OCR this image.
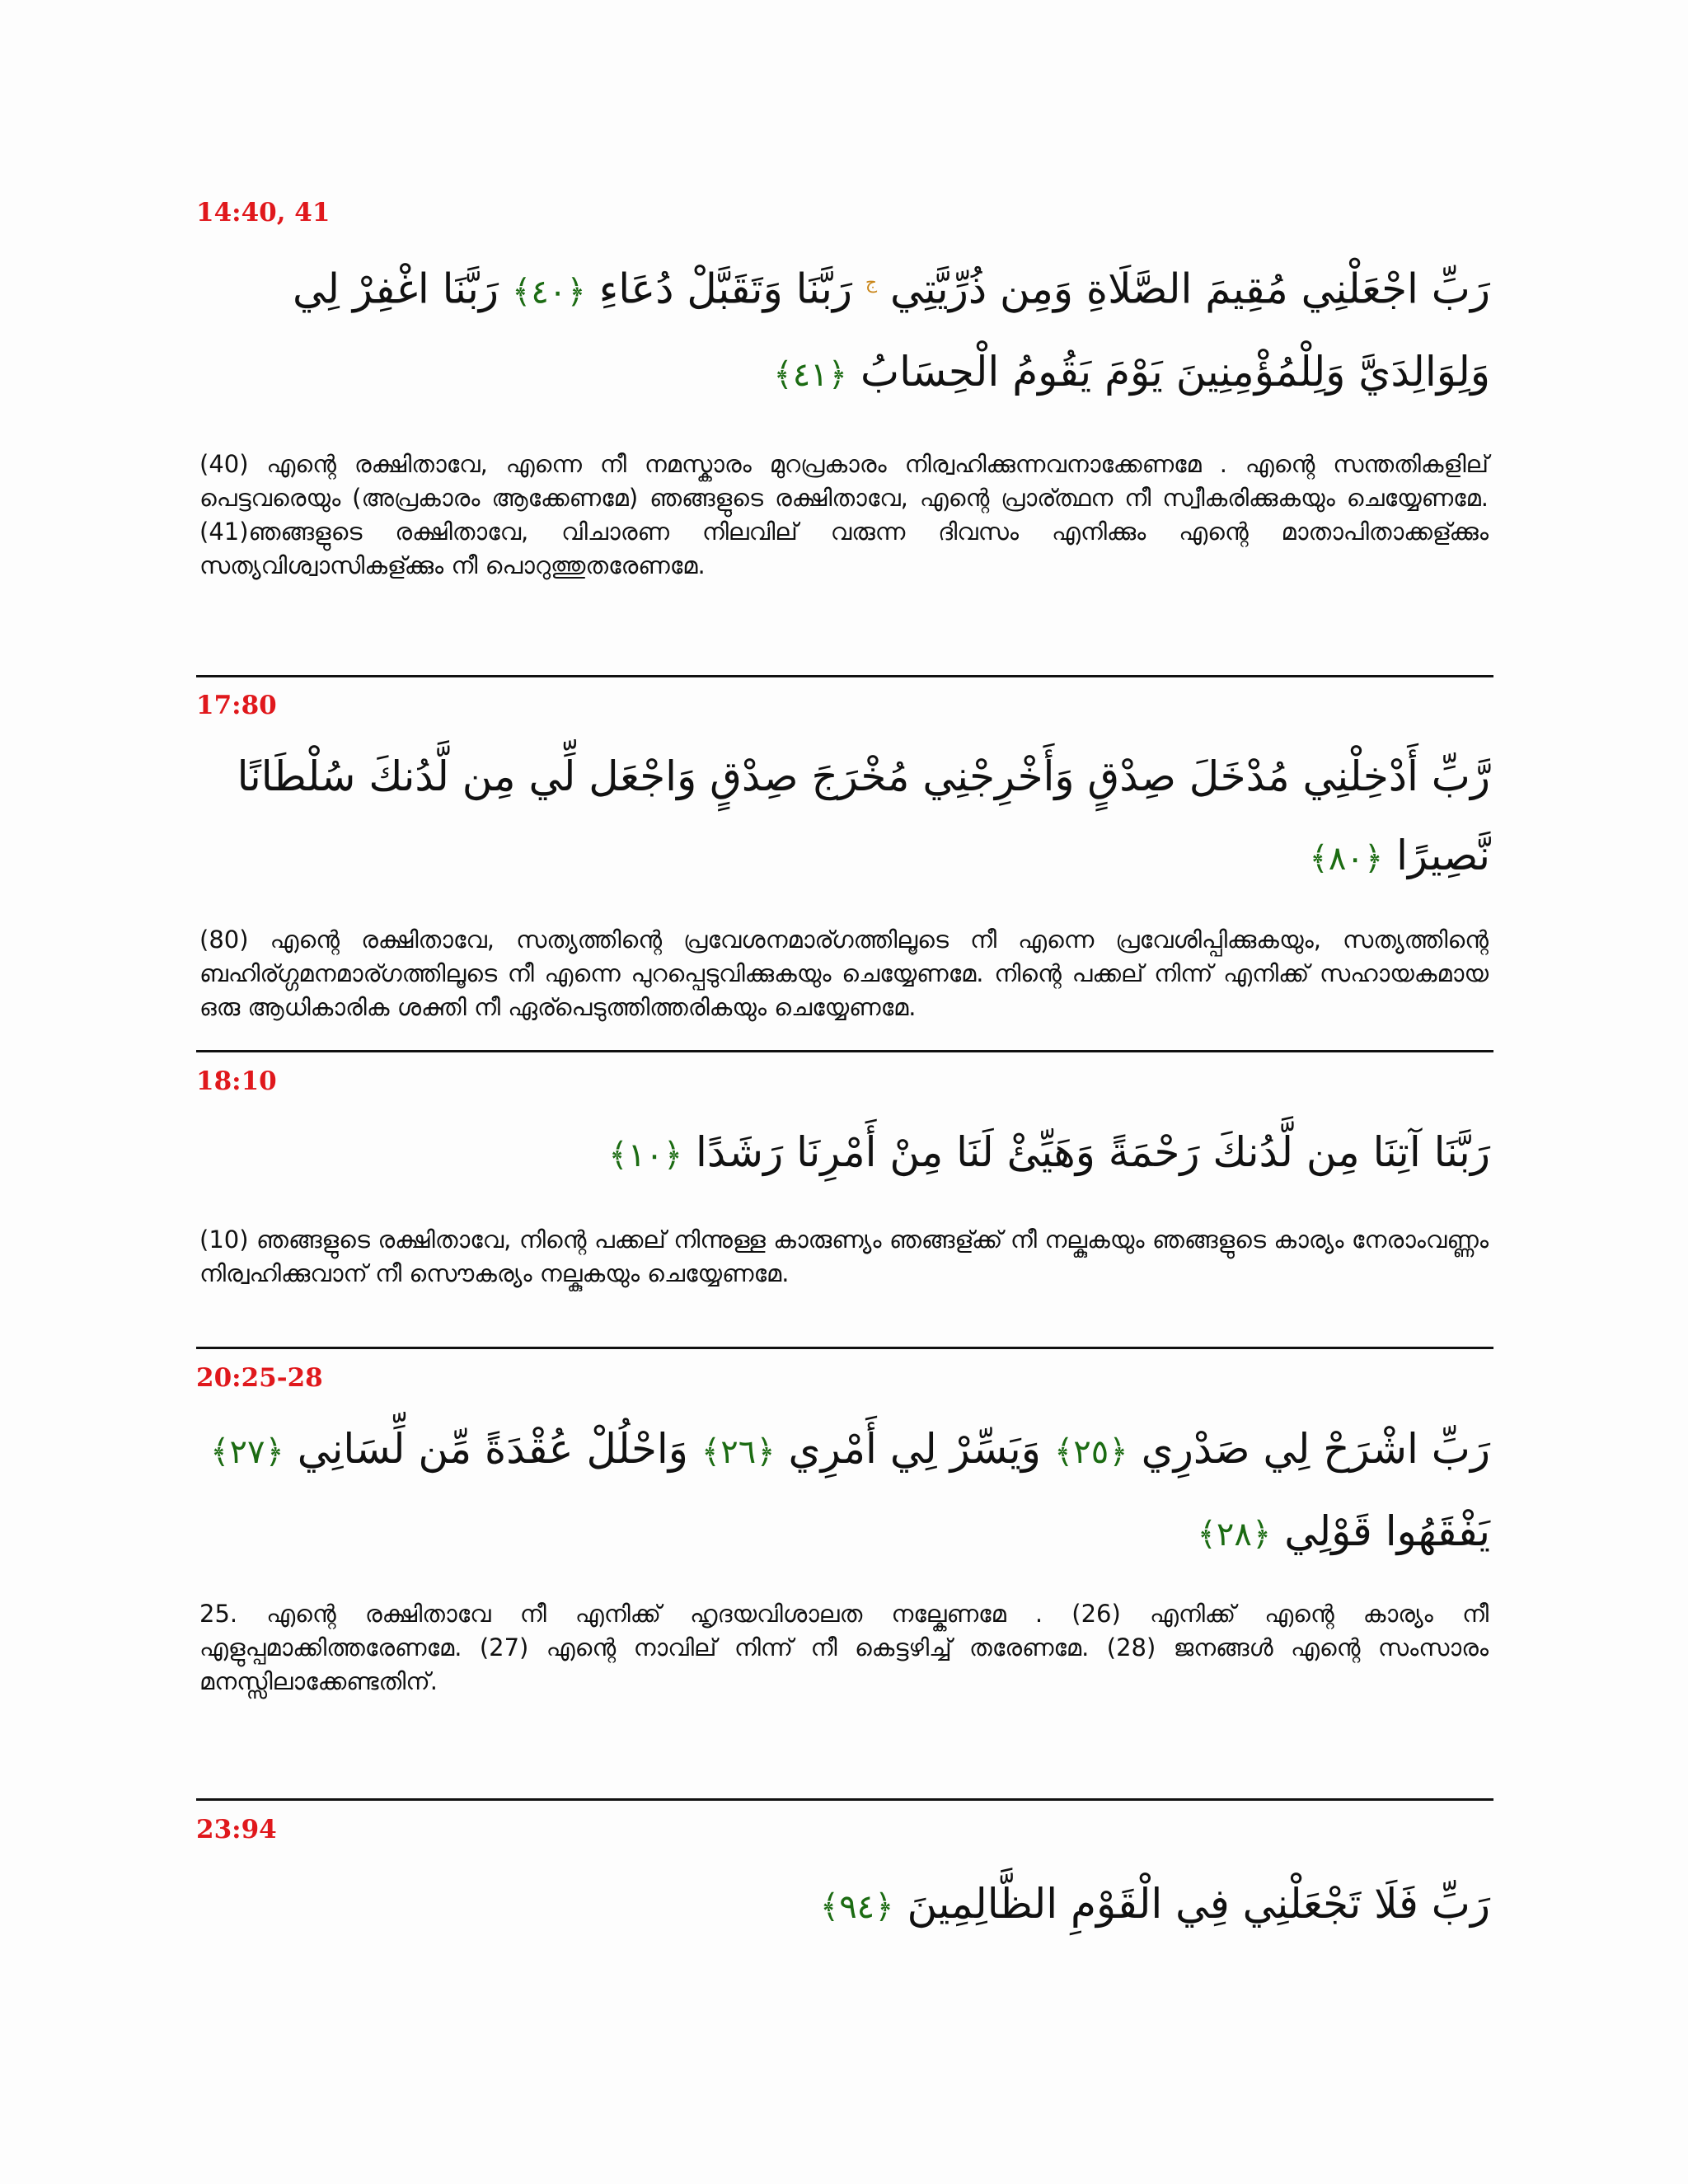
14:40, 41

رَبِّ اجْعَلْنِي مُقِيمَ الصَّلَاةِ وَمِن ذُرِّيَّتِي $^ج$ رَبَّنَا وَتَقَبَّلْ دُعَاءِ ﴿٤٠﴾ رَبَّنَا اغْفِرْ لِي وَلِوَالِدَيَّ وَلِلْمُؤْمِنِينَ يَوْمَ يَقُومُ الْحِسَابُ ﴿٤١﴾

(40) എന്റെ രക്ഷിതാവേ, എന്നെ നീ നമസ്കാരം മുറപ്രകാരം നിര്വഹിക്കുന്നവനാക്കേണമേ . എന്റെ സന്തതികളില് പെട്ടവരെയും (അപ്രകാരം ആക്കേണമേ) ഞങ്ങളുടെ രക്ഷിതാവേ, എന്റെ പ്രാര്ത്ഥന നീ സ്വീകരിക്കുകയും ചെയ്യേണമേ. (41)ഞങ്ങളുടെ രക്ഷിതാവേ, വിചാരണ നിലവില് വരുന്ന ദിവസം എനിക്കും എന്റെ മാതാപിതാക്കള്ക്കും സത്യവിശ്വാസികള്ക്കും നീ പൊറുത്തുതരേണമേ.

17:80

رَّبِّ أَدْخِلْنِي مُدْخَلَ صِدْقٍ وَأَخْرِجْنِي مُخْرَجَ صِدْقٍ وَاجْعَل لِّي مِن لَّدُنكَ سُلْطَانًا نَّصِيرًا ﴿٨٠﴾

(80) എന്റെ രക്ഷിതാവേ, സത്യത്തിന്റെ പ്രവേശനമാര്ഗത്തിലൂടെ നീ എന്നെ പ്രവേശിപ്പിക്കുകയും, സത്യത്തിന്റെ ബഹിര്ഗ്ഗമനമാര്ഗത്തിലൂടെ നീ എന്നെ പുറപ്പെടുവിക്കുകയും ചെയ്യേണമേ. നിന്റെ പക്കല് നിന്ന് എനിക്ക് സഹായകമായ ഒരു ആധികാരിക ശക്തി നീ ഏര്പെടുത്തിത്തരികയും ചെയ്യേണമേ.

18:10

رَبَّنَا آتِنَا مِن لَّدُنكَ رَحْمَةً وَهَيِّئْ لَنَا مِنْ أَمْرِنَا رَشَدًا ﴿١٠﴾

(10) ഞങ്ങളുടെ രക്ഷിതാവേ, നിന്റെ പക്കല് നിന്നുള്ള കാരുണ്യം ഞങ്ങള്ക്ക് നീ നല്കുകയും ഞങ്ങളുടെ കാര്യം നേരാംവണ്ണം നിര്വഹിക്കുവാന് നീ സൌകര്യം നല്കുകയും ചെയ്യേണമേ.

20:25-28

رَبِّ اشْرَحْ لِي صَدْرِي ﴿٢٥﴾ وَيَسِّرْ لِي أَمْرِي ﴿٢٦﴾ وَاحْلُلْ عُقْدَةً مِّن لِّسَانِي ﴿٢٧﴾ يَفْقَهُوا قَوْلِي ﴿٢٨﴾

25. എന്റെ രക്ഷിതാവേ നീ എനിക്ക് ഹൃദയവിശാലത നല്കേണമേ . (26) എനിക്ക് എന്റെ കാര്യം നീ എളുപ്പമാക്കിത്തരേണമേ. (27) എന്റെ നാവില് നിന്ന് നീ കെട്ടഴിച്ച് തരേണമേ. (28) ജനങ്ങൾ എന്റെ സംസാരം മനസ്സിലാക്കേണ്ടതിന്.

23:94

رَبِّ فَلَا تَجْعَلْنِي فِي الْقَوْمِ الظَّالِمِينَ ﴿٩٤﴾
